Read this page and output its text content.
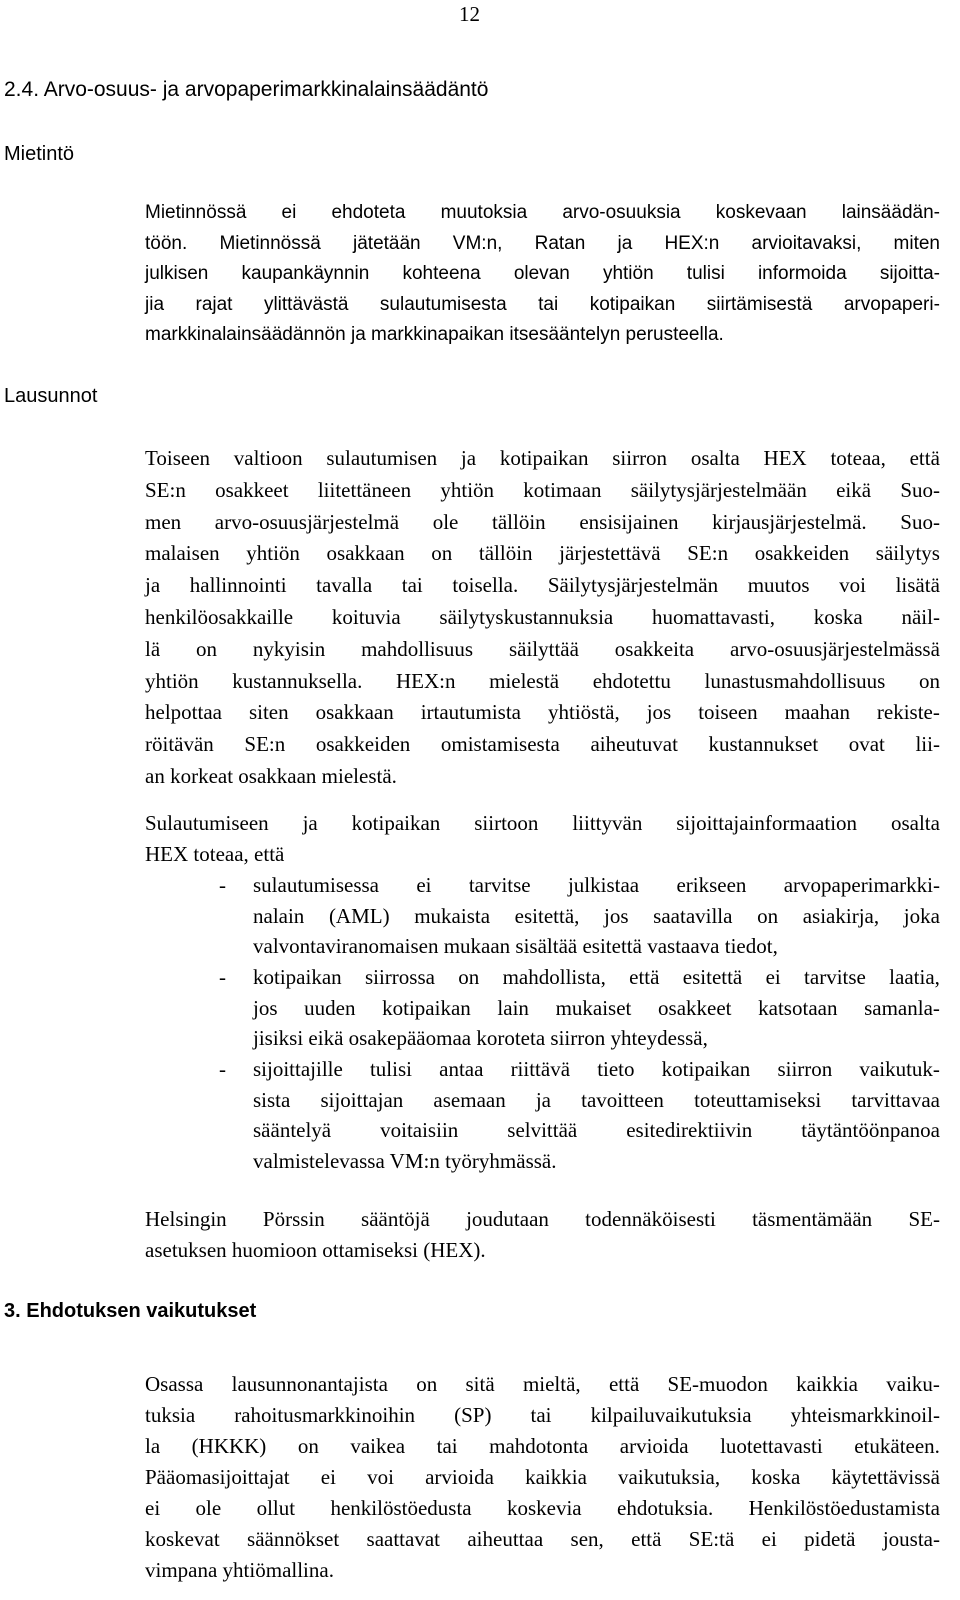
12
2.4. Arvo-osuus- ja arvopaperimarkkinalainsäädäntö
Mietintö
Lausunnot
3. Ehdotuksen vaikutukset
Mietinnössä ei ehdoteta muutoksia arvo-osuuksia koskevaan lainsäädän-
töön. Mietinnössä jätetään VM:n, Ratan ja HEX:n arvioitavaksi, miten
julkisen kaupankäynnin kohteena olevan yhtiön tulisi informoida sijoitta-
jia rajat ylittävästä sulautumisesta tai kotipaikan siirtämisestä arvopaperi-
markkinalainsäädännön ja markkinapaikan itsesääntelyn perusteella.
Toiseen valtioon sulautumisen ja kotipaikan siirron osalta HEX toteaa, että
SE:n osakkeet liitettäneen yhtiön kotimaan säilytysjärjestelmään eikä Suo-
men arvo-osuusjärjestelmä ole tällöin ensisijainen kirjausjärjestelmä. Suo-
malaisen yhtiön osakkaan on tällöin järjestettävä SE:n osakkeiden säilytys
ja hallinnointi tavalla tai toisella. Säilytysjärjestelmän muutos voi lisätä
henkilöosakkaille koituvia säilytyskustannuksia huomattavasti, koska näil-
lä on nykyisin mahdollisuus säilyttää osakkeita arvo-osuusjärjestelmässä
yhtiön kustannuksella. HEX:n mielestä ehdotettu lunastusmahdollisuus on
helpottaa siten osakkaan irtautumista yhtiöstä, jos toiseen maahan rekiste-
röitävän SE:n osakkeiden omistamisesta aiheutuvat kustannukset ovat lii-
an korkeat osakkaan mielestä.
Sulautumiseen ja kotipaikan siirtoon liittyvän sijoittajainformaation osalta
HEX toteaa, että
- sulautumisessa ei tarvitse julkistaa erikseen arvopaperimarkki-
nalain (AML) mukaista esitettä, jos saatavilla on asiakirja, joka
valvontaviranomaisen mukaan sisältää esitettä vastaava tiedot,
- kotipaikan siirrossa on mahdollista, että esitettä ei tarvitse laatia,
jos uuden kotipaikan lain mukaiset osakkeet katsotaan samanla-
jisiksi eikä osakepääomaa koroteta siirron yhteydessä,
- sijoittajille tulisi antaa riittävä tieto kotipaikan siirron vaikutuk-
sista sijoittajan asemaan ja tavoitteen toteuttamiseksi tarvittavaa
sääntelyä voitaisiin selvittää esitedirektiivin täytäntöönpanoa
valmistelevassa VM:n työryhmässä.
Helsingin Pörssin sääntöjä joudutaan todennäköisesti täsmentämään SE-
asetuksen huomioon ottamiseksi (HEX).
Osassa lausunnonantajista on sitä mieltä, että SE-muodon kaikkia vaiku-
tuksia rahoitusmarkkinoihin (SP) tai kilpailuvaikutuksia yhteismarkkinoil-
la (HKKK) on vaikea tai mahdotonta arvioida luotettavasti etukäteen.
Pääomasijoittajat ei voi arvioida kaikkia vaikutuksia, koska käytettävissä
ei ole ollut henkilöstöedusta koskevia ehdotuksia. Henkilöstöedustamista
koskevat säännökset saattavat aiheuttaa sen, että SE:tä ei pidetä jousta-
vimpana yhtiömallina.
